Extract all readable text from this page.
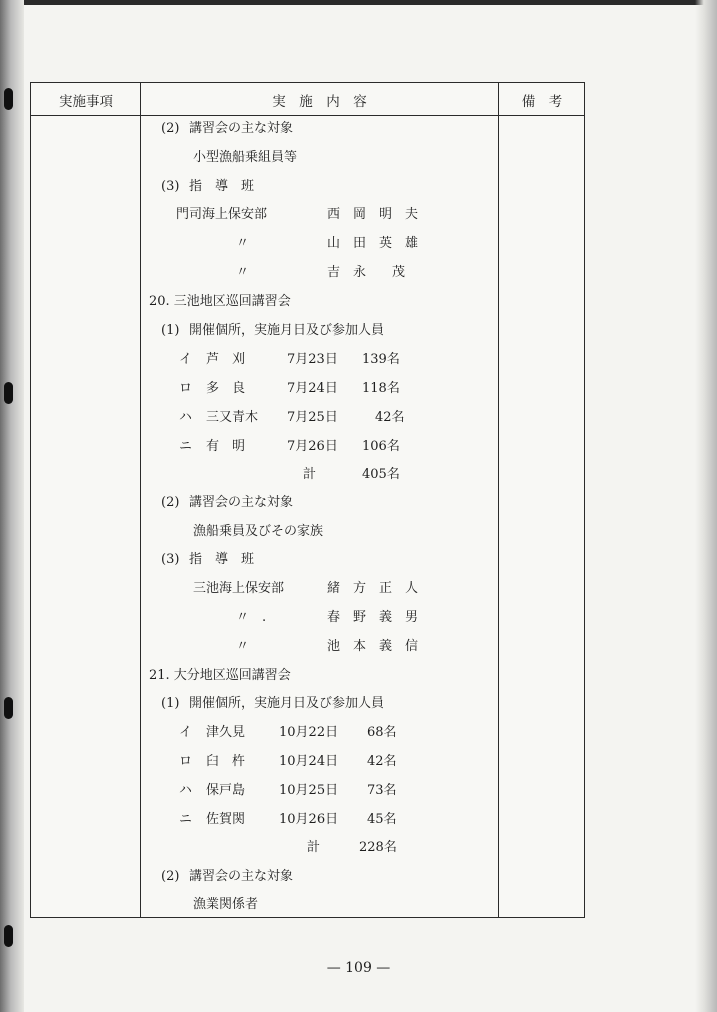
実施事項	実　施　内　容	備　考
(2) 講習会の主な対象
小型漁船乗組員等
(3) 指　導　班
門司海上保安部	西　岡　明　夫
〃	山　田　英　雄
〃	吉　永　　茂
20. 三池地区巡回講習会
(1) 開催個所，実施月日及び参加人員
イ 芦　刈	7月23日 139名
ロ 多　良	7月24日 118名
ハ 三又青木 7月25日	42名
ニ 有　明	7月26日 106名
計	405名
(2) 講習会の主な対象
漁船乗員及びその家族
(3) 指　導　班
三池海上保安部	緒　方　正　人
〃　.	春　野　義　男
〃	池　本　義　信
21. 大分地区巡回講習会
(1) 開催個所，実施月日及び参加人員
イ 津久見	10月22日 68名
ロ 臼　杵	10月24日 42名
ハ 保戸島	10月25日 73名
ニ 佐賀関	10月26日 45名
計	228名
(2) 講習会の主な対象
漁業関係者
— 109 —
